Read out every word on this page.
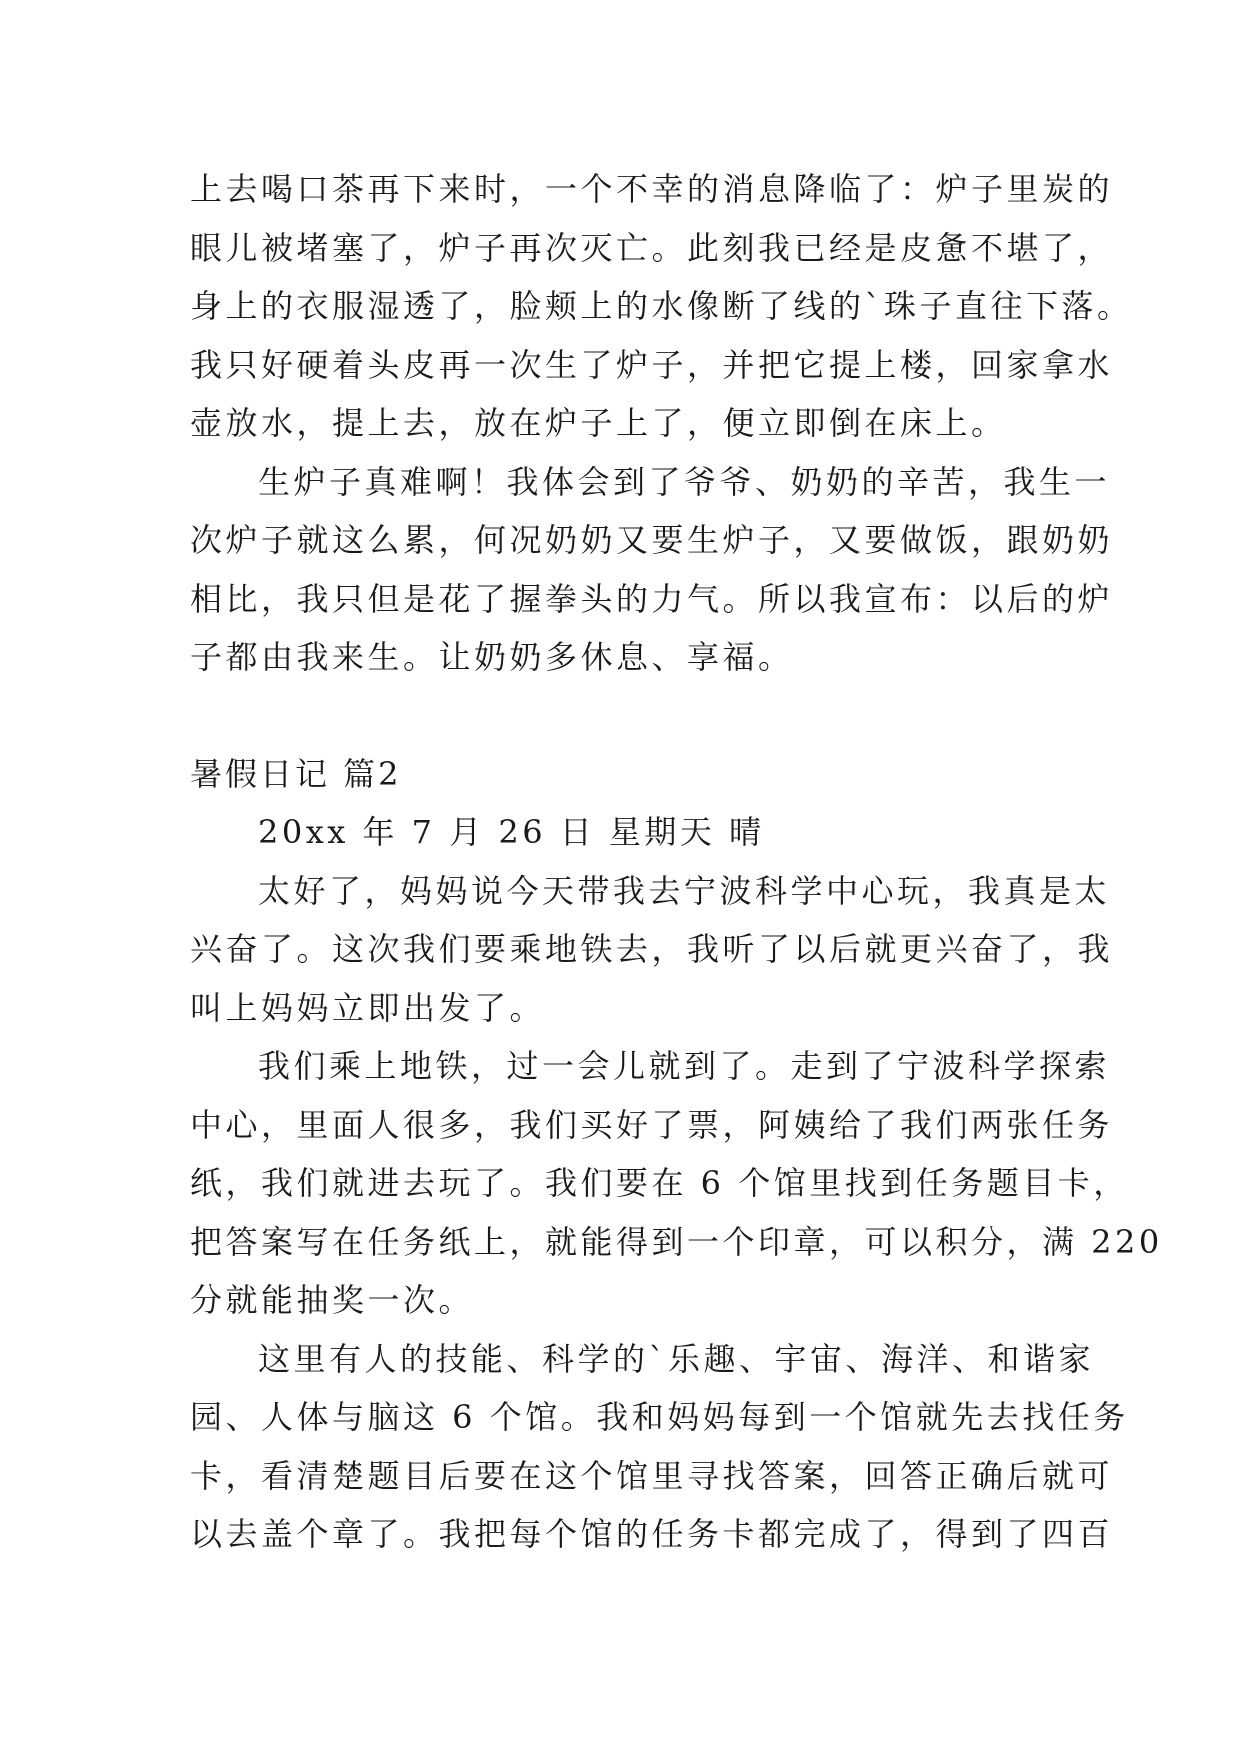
上去喝口茶再下来时，一个不幸的消息降临了：炉子里炭的
眼儿被堵塞了，炉子再次灭亡。此刻我已经是皮惫不堪了，
身上的衣服湿透了，脸颊上的水像断了线的`珠子直往下落。
我只好硬着头皮再一次生了炉子，并把它提上楼，回家拿水
壶放水，提上去，放在炉子上了，便立即倒在床上。
生炉子真难啊！我体会到了爷爷、奶奶的辛苦，我生一
次炉子就这么累，何况奶奶又要生炉子，又要做饭，跟奶奶
相比，我只但是花了握拳头的力气。所以我宣布：以后的炉
子都由我来生。让奶奶多休息、享福。
暑假日记 篇2
20xx 年 7 月 26 日 星期天 晴
太好了，妈妈说今天带我去宁波科学中心玩，我真是太
兴奋了。这次我们要乘地铁去，我听了以后就更兴奋了，我
叫上妈妈立即出发了。
我们乘上地铁，过一会儿就到了。走到了宁波科学探索
中心，里面人很多，我们买好了票，阿姨给了我们两张任务
纸，我们就进去玩了。我们要在 6 个馆里找到任务题目卡，
把答案写在任务纸上，就能得到一个印章，可以积分，满 220
分就能抽奖一次。
这里有人的技能、科学的`乐趣、宇宙、海洋、和谐家
园、人体与脑这 6 个馆。我和妈妈每到一个馆就先去找任务
卡，看清楚题目后要在这个馆里寻找答案，回答正确后就可
以去盖个章了。我把每个馆的任务卡都完成了，得到了四百
